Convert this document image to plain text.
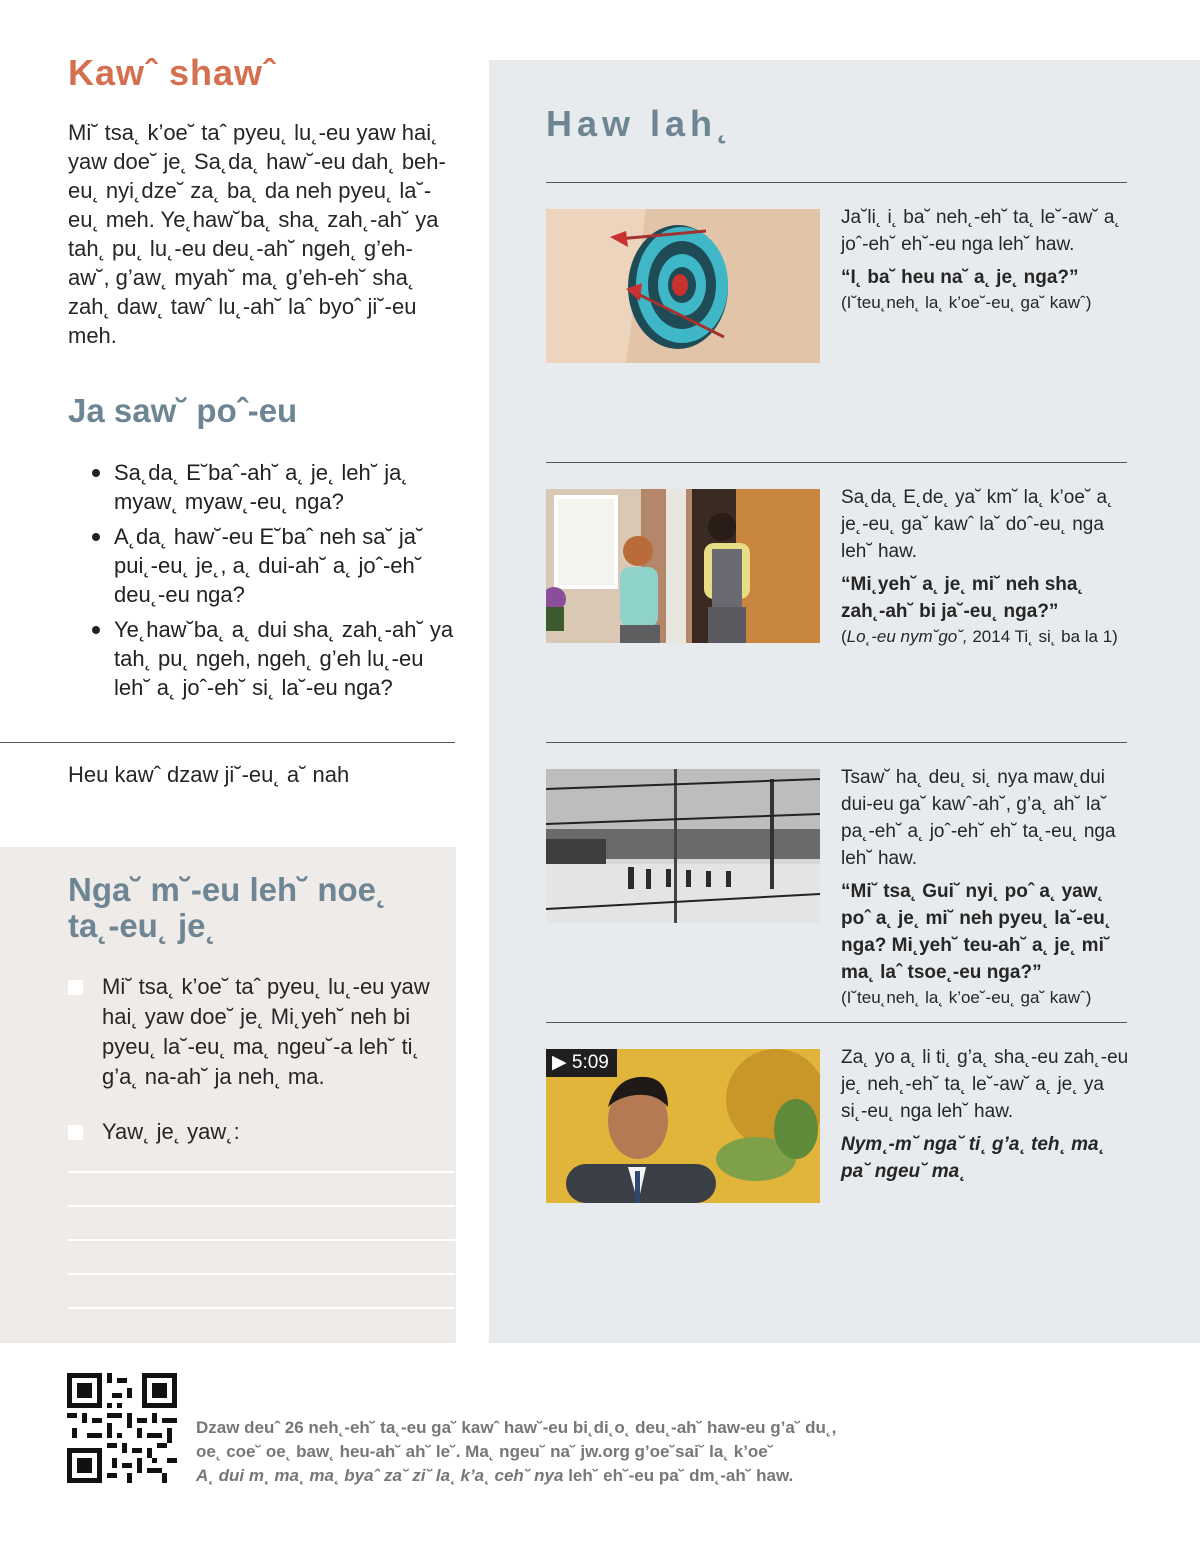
Kawˆ shawˆ
Mi˘ tsa˛ k’oe˘ taˆ pyeu˛ lu˛-eu yaw hai˛ yaw doe˘ je˛ Sa˛da˛ haw˘-eu dah˛ beh-eu˛ nyi˛dze˘ za˛ ba˛ da neh pyeu˛ la˘-eu˛ meh. Ye˛haw˘ba˛ sha˛ zah˛-ah˘ ya tah˛ pu˛ lu˛-eu deu˛-ah˘ ngeh˛ g’eh-aw˘, g’aw˛ myah˘ ma˛ g’eh-eh˘ sha˛ zah˛ daw˛ tawˆ lu˛-ah˘ laˆ byoˆ ji˘-eu meh.
Ja saw˘ poˆ-eu
Sa˛da˛ E˘baˆ-ah˘ a˛ je˛ leh˘ ja˛ myaw˛ myaw˛-eu˛ nga?
A˛da˛ haw˘-eu E˘baˆ neh sa˘ ja˘ pui˛-eu˛ je˛, a˛ dui-ah˘ a˛ joˆ-eh˘ deu˛-eu nga?
Ye˛haw˘ba˛ a˛ dui sha˛ zah˛-ah˘ ya tah˛ pu˛ ngeh, ngeh˛ g’eh lu˛-eu leh˘ a˛ joˆ-eh˘ si˛ la˘-eu nga?
Heu kawˆ dzaw ji˘-eu˛ a˘ nah
Nga˘ m˘-eu leh˘ noe˛ ta˛-eu˛ je˛
Mi˘ tsa˛ k’oe˘ taˆ pyeu˛ lu˛-eu yaw hai˛ yaw doe˘ je˛ Mi˛yeh˘ neh bi pyeu˛ la˘-eu˛ ma˛ ngeu˘-a leh˘ ti˛ g’a˛ na-ah˘ ja neh˛ ma.
Yaw˛ je˛ yaw˛:
Haw lah˛
Ja˘li˛ i˛ ba˘ neh˛-eh˘ ta˛ le˘-aw˘ a˛ joˆ-eh˘ eh˘-eu nga leh˘ haw.
“I˛ ba˘ heu na˘ a˛ je˛ nga?”
(I˘teu˛neh˛ la˛ k’oe˘-eu˛ ga˘ kawˆ)
Sa˛da˛ E˛de˛ ya˘ km˘ la˛ k’oe˘ a˛ je˛-eu˛ ga˘ kawˆ la˘ doˆ-eu˛ nga leh˘ haw.
“Mi˛yeh˘ a˛ je˛ mi˘ neh sha˛ zah˛-ah˘ bi ja˘-eu˛ nga?”
(Lo˛-eu nym˘go˘, 2014 Ti˛ si˛ ba la 1)
Tsaw˘ ha˛ deu˛ si˛ nya maw˛dui dui-eu ga˘ kawˆ-ah˘, g’a˛ ah˘ la˘ pa˛-eh˘ a˛ joˆ-eh˘ eh˘ ta˛-eu˛ nga leh˘ haw.
“Mi˘ tsa˛ Gui˘ nyi˛ poˆ a˛ yaw˛ poˆ a˛ je˛ mi˘ neh pyeu˛ la˘-eu˛ nga? Mi˛yeh˘ teu-ah˘ a˛ je˛ mi˘ ma˛ laˆ tsoe˛-eu nga?”
(I˘teu˛neh˛ la˛ k’oe˘-eu˛ ga˘ kawˆ)
▶ 5:09	Za˛ yo a˛ li ti˛ g’a˛ sha˛-eu zah˛-eu je˛ neh˛-eh˘ ta˛ le˘-aw˘ a˛ je˛ ya si˛-eu˛ nga leh˘ haw.
Nym˛-m˘ nga˘ ti˛ g’a˛ teh˛ ma˛ pa˘ ngeu˘ ma˛
Dzaw deuˆ 26 neh˛-eh˘ ta˛-eu ga˘ kawˆ haw˘-eu bi˛di˛o˛ deu˛-ah˘ haw-eu g’a˘ du˛,
oe˛ coe˘ oe˛ baw˛ heu-ah˘ ah˘ le˘. Ma˛ ngeu˘ na˘ jw.org g’oe˘sai˘ la˛ k’oe˘
A˛ dui m˛ ma˛ ma˛ byaˆ za˘ zi˘ la˛ k’a˛ ceh˘ nya leh˘ eh˘-eu pa˘ dm˛-ah˘ haw.
